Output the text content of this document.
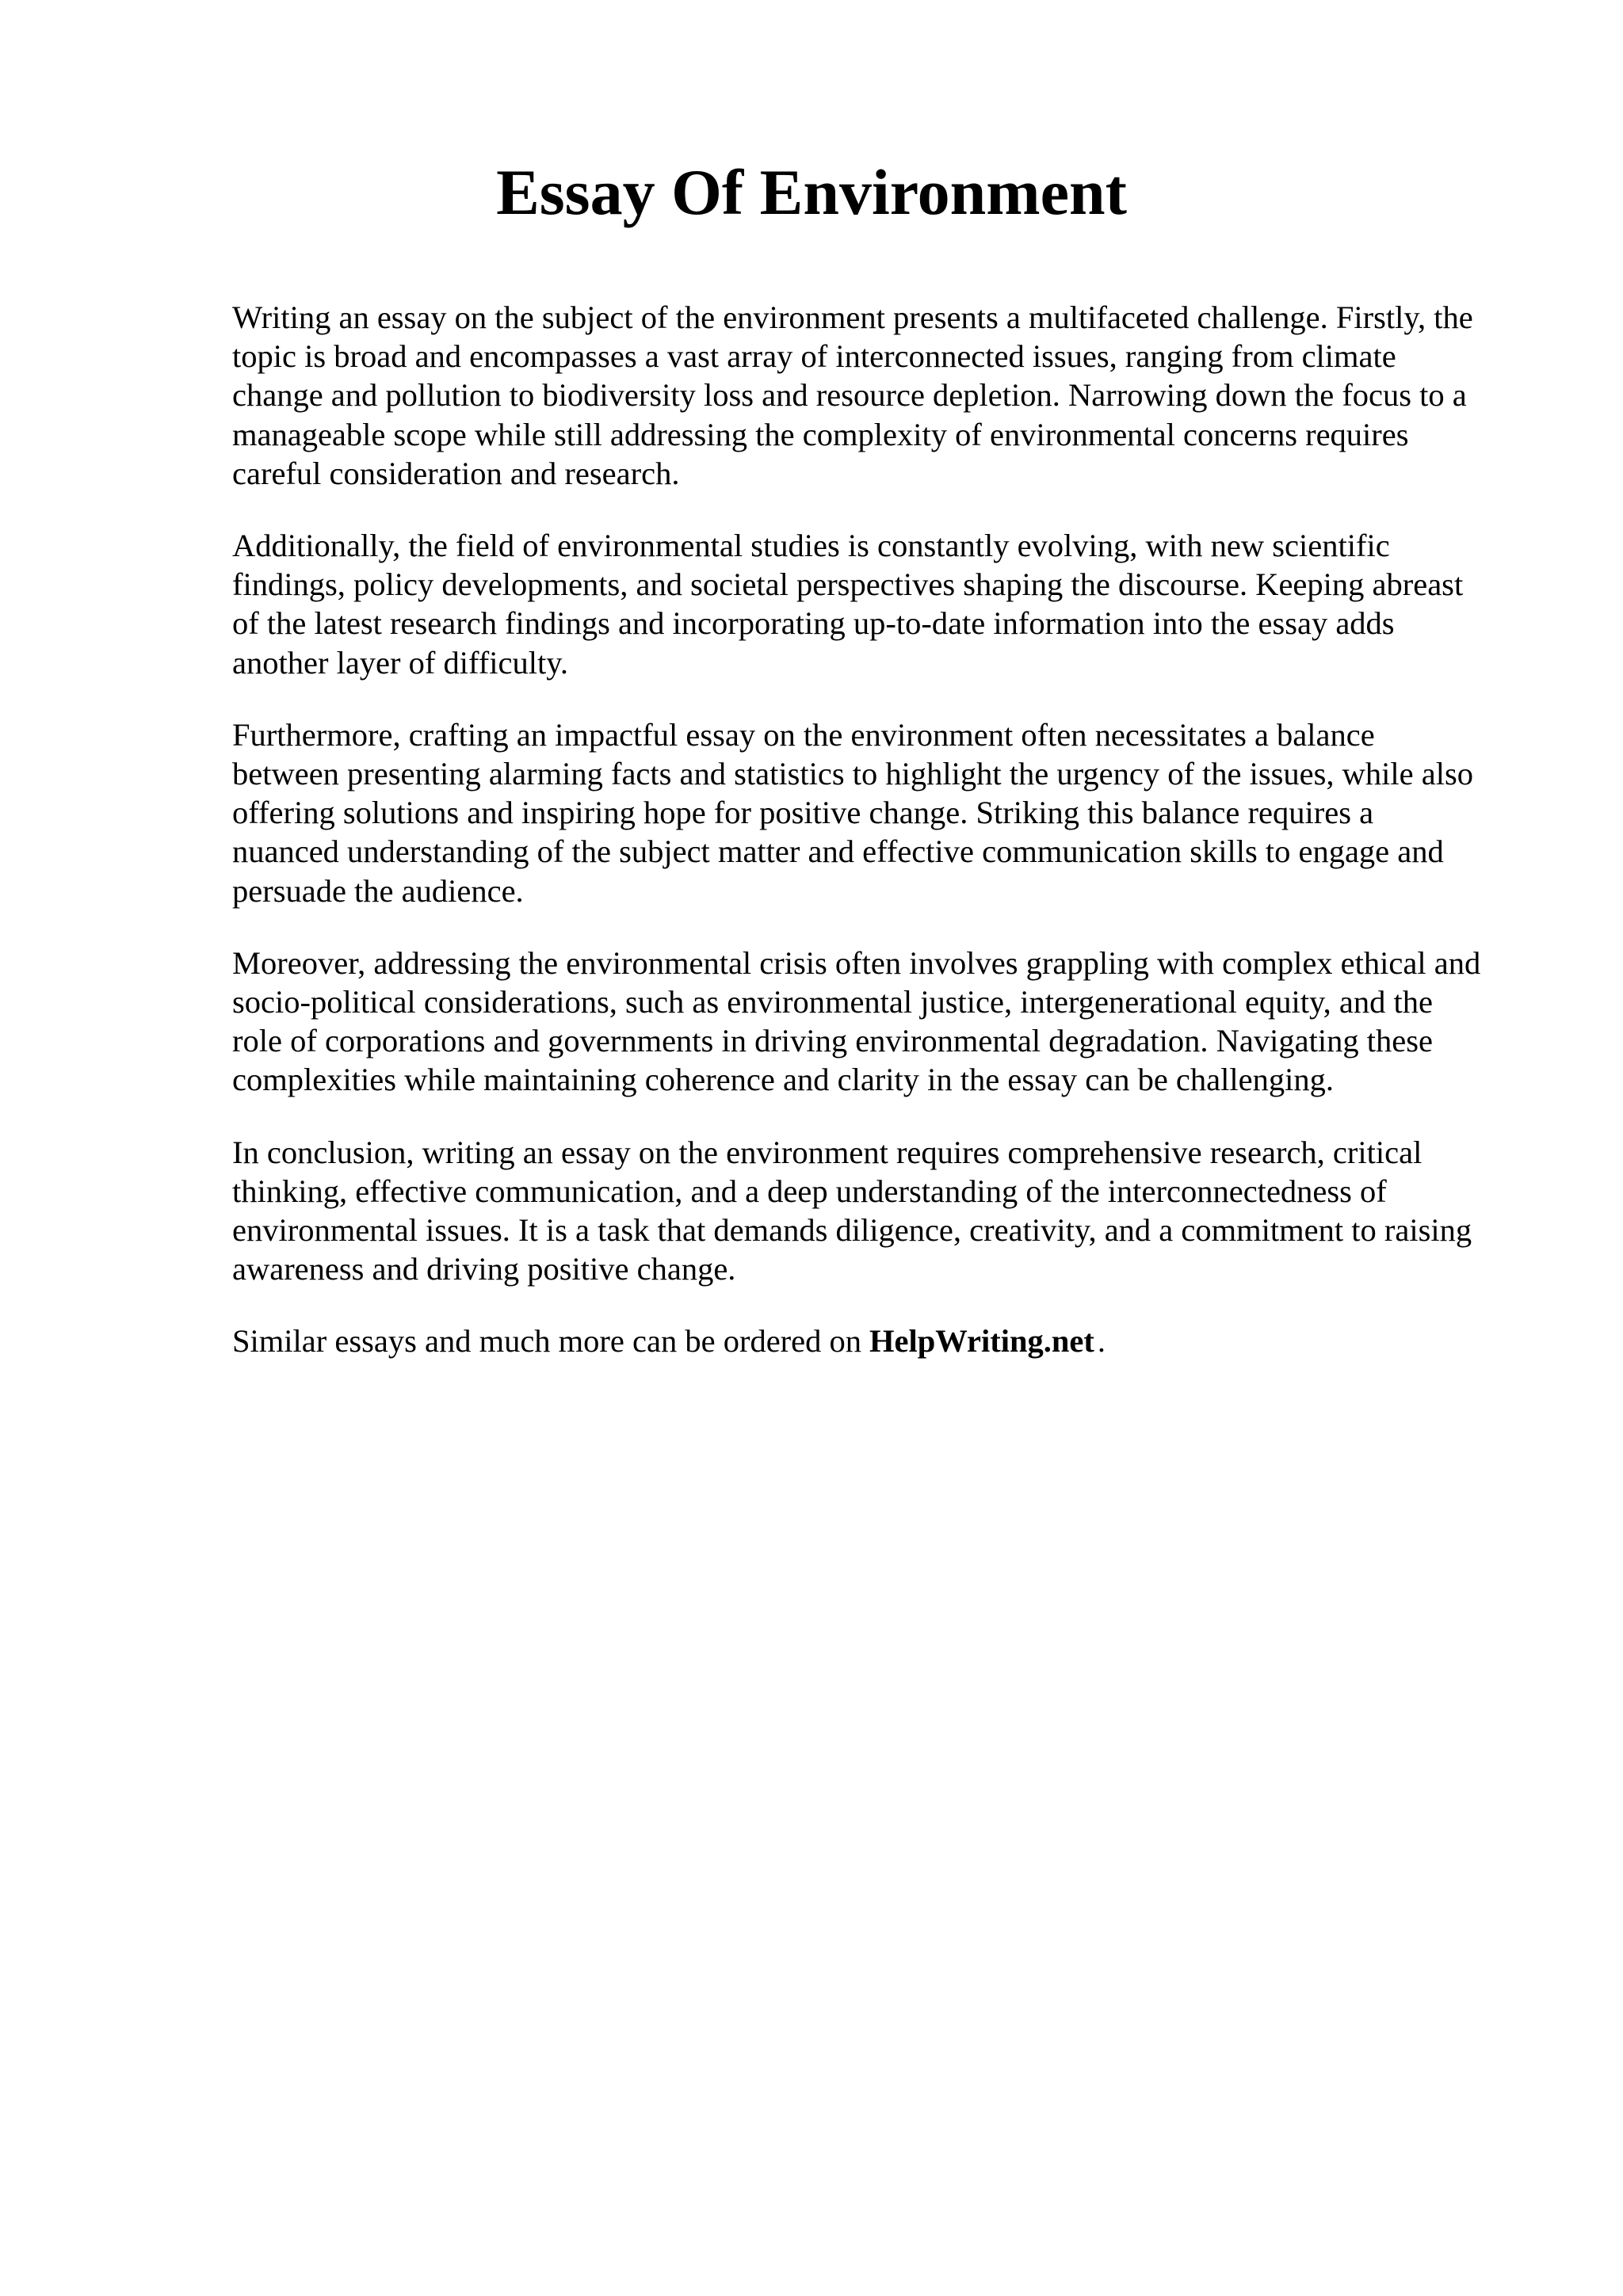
Essay Of Environment

Writing an essay on the subject of the environment presents a multifaceted challenge. Firstly, the
topic is broad and encompasses a vast array of interconnected issues, ranging from climate
change and pollution to biodiversity loss and resource depletion. Narrowing down the focus to a
manageable scope while still addressing the complexity of environmental concerns requires
careful consideration and research.

Additionally, the field of environmental studies is constantly evolving, with new scientific
findings, policy developments, and societal perspectives shaping the discourse. Keeping abreast
of the latest research findings and incorporating up-to-date information into the essay adds
another layer of difficulty.

Furthermore, crafting an impactful essay on the environment often necessitates a balance
between presenting alarming facts and statistics to highlight the urgency of the issues, while also
offering solutions and inspiring hope for positive change. Striking this balance requires a
nuanced understanding of the subject matter and effective communication skills to engage and
persuade the audience.

Moreover, addressing the environmental crisis often involves grappling with complex ethical and
socio-political considerations, such as environmental justice, intergenerational equity, and the
role of corporations and governments in driving environmental degradation. Navigating these
complexities while maintaining coherence and clarity in the essay can be challenging.

In conclusion, writing an essay on the environment requires comprehensive research, critical
thinking, effective communication, and a deep understanding of the interconnectedness of
environmental issues. It is a task that demands diligence, creativity, and a commitment to raising
awareness and driving positive change.

Similar essays and much more can be ordered on HelpWriting.net.
